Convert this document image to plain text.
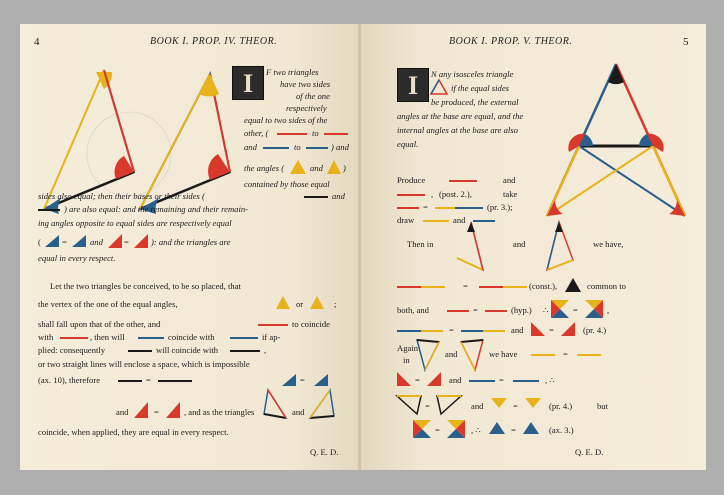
4	BOOK I. PROP. IV. THEOR.
I	F two triangles
have two sides
of the one
respectively
equal to two sides of the
other, (	to
and	to	) and
the angles (	and )
contained by those equal
sides also equal; then their bases or their sides (	and
) are also equal: and the remaining and their remain-
ing angles opposite to equal sides are respectively equal
( =	and =	): and the triangles are
equal in every respect.
Let the two triangles be conceived, to be so placed, that
the vertex of the one of the equal angles,	or	;
shall fall upon that of the other, and	to coincide
with	, then will	coincide with	if ap-
plied: consequently	will coincide with	,
or two straight lines will enclose a space, which is impossible
(ax. 10), therefore	=	=
and	=	, and as the triangles	and
coincide, when applied, they are equal in every respect.
Q. E. D.
BOOK I. PROP. V. THEOR.	5
I	N any isosceles triangle
if the equal sides
be produced, the external
angles at the base are equal, and the
internal angles at the base are also
equal.
Produce	and
, (post. 2.),	take
=	(pr. 3.);
draw	and
Then in	and	we have,
=	(const.),	common to
both, and	=	(hyp.) ∴	=	,
=	and	=	(pr. 4.)
Again
in
and	we have	=
=	and	=	, ∴
=	and	=	(pr. 4.)	but
=	, ∴	=	(ax. 3.)
Q. E. D.
